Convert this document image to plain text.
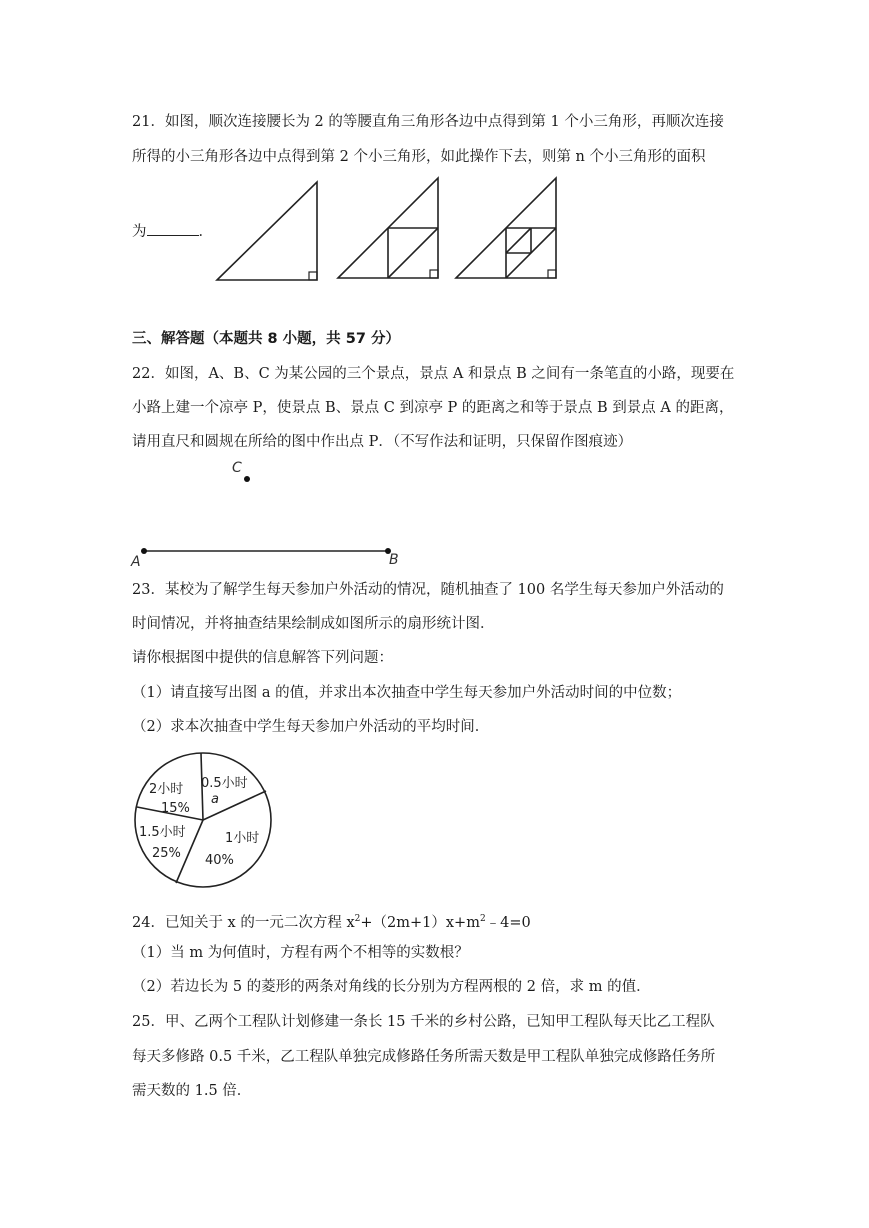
21．如图，顺次连接腰长为 2 的等腰直角三角形各边中点得到第 1 个小三角形，再顺次连接
所得的小三角形各边中点得到第 2 个小三角形，如此操作下去，则第 n 个小三角形的面积
为	．
三、解答题（本题共 8 小题，共 57 分）
22．如图，A、B、C 为某公园的三个景点，景点 A 和景点 B 之间有一条笔直的小路，现要在
小路上建一个凉亭 P，使景点 B、景点 C 到凉亭 P 的距离之和等于景点 B 到景点 A 的距离，
请用直尺和圆规在所给的图中作出点 P．（不写作法和证明，只保留作图痕迹）
C
A	B
23．某校为了解学生每天参加户外活动的情况，随机抽查了 100 名学生每天参加户外活动的
时间情况，并将抽查结果绘制成如图所示的扇形统计图．
请你根据图中提供的信息解答下列问题：
（1）请直接写出图 a 的值，并求出本次抽查中学生每天参加户外活动时间的中位数；
（2）求本次抽查中学生每天参加户外活动的平均时间．
0.5小时
a
1小时
40%
1.5小时
25%
2小时
15%
24．已知关于 x 的一元二次方程 $x^2+(2m+1)x+m^2﹣4=0$
（1）当 m 为何值时，方程有两个不相等的实数根？
（2）若边长为 5 的菱形的两条对角线的长分别为方程两根的 2 倍，求 m 的值．
25．甲、乙两个工程队计划修建一条长 15 千米的乡村公路，已知甲工程队每天比乙工程队
每天多修路 0.5 千米，乙工程队单独完成修路任务所需天数是甲工程队单独完成修路任务所
需天数的 1.5 倍．
